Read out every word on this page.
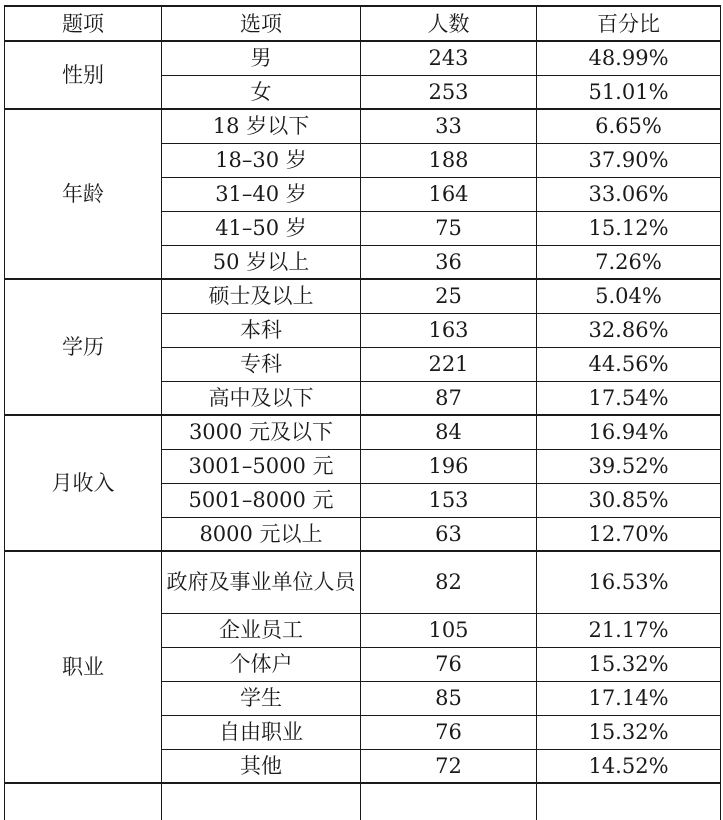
题项	选项	人数	百分比
性别	男	243	48.99%
	女	253	51.01%
年龄	18 岁以下	33	6.65%
	18–30 岁	188	37.90%
	31–40 岁	164	33.06%
	41–50 岁	75	15.12%
	50 岁以上	36	7.26%
学历	硕士及以上	25	5.04%
	本科	163	32.86%
	专科	221	44.56%
	高中及以下	87	17.54%
月收入	3000 元及以下	84	16.94%
	3001–5000 元	196	39.52%
	5001–8000 元	153	30.85%
	8000 元以上	63	12.70%
职业	政府及事业单位人员	82	16.53%
	企业员工	105	21.17%
	个体户	76	15.32%
	学生	85	17.14%
	自由职业	76	15.32%
	其他	72	14.52%
